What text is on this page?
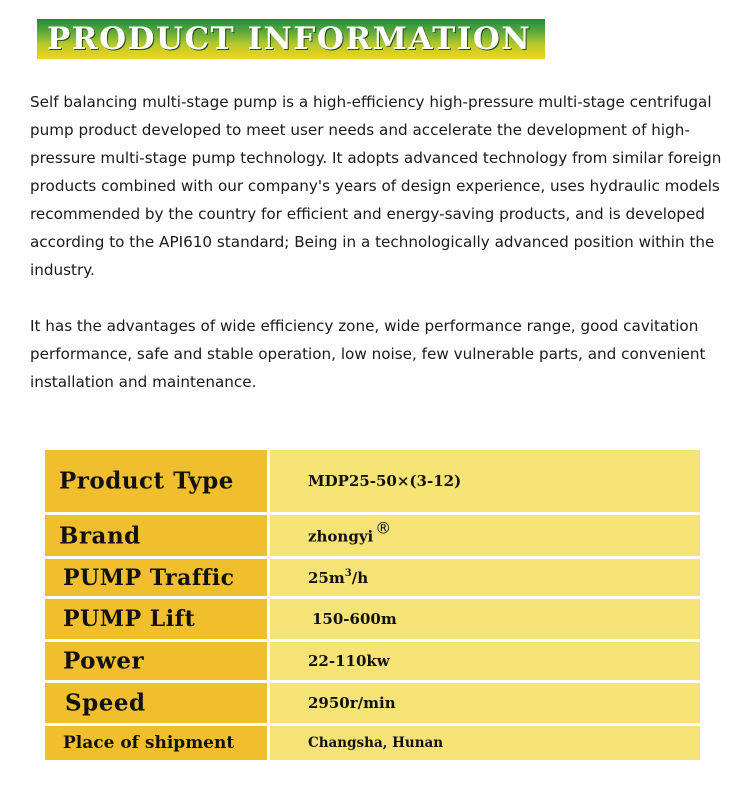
PRODUCT INFORMATION

Self balancing multi-stage pump is a high-efficiency high-pressure multi-stage centrifugal pump product developed to meet user needs and accelerate the development of high-pressure multi-stage pump technology. It adopts advanced technology from similar foreign products combined with our company's years of design experience, uses hydraulic models recommended by the country for efficient and energy-saving products, and is developed according to the API610 standard; Being in a technologically advanced position within the industry.

It has the advantages of wide efficiency zone, wide performance range, good cavitation performance, safe and stable operation, low noise, few vulnerable parts, and convenient installation and maintenance.

Product Type	MDP25-50×(3-12)
Brand	zhongyi ®
PUMP Traffic	$25m^3/h$
PUMP Lift	150-600m
Power	22-110kw
Speed	2950r/min
Place of shipment	Changsha, Hunan
